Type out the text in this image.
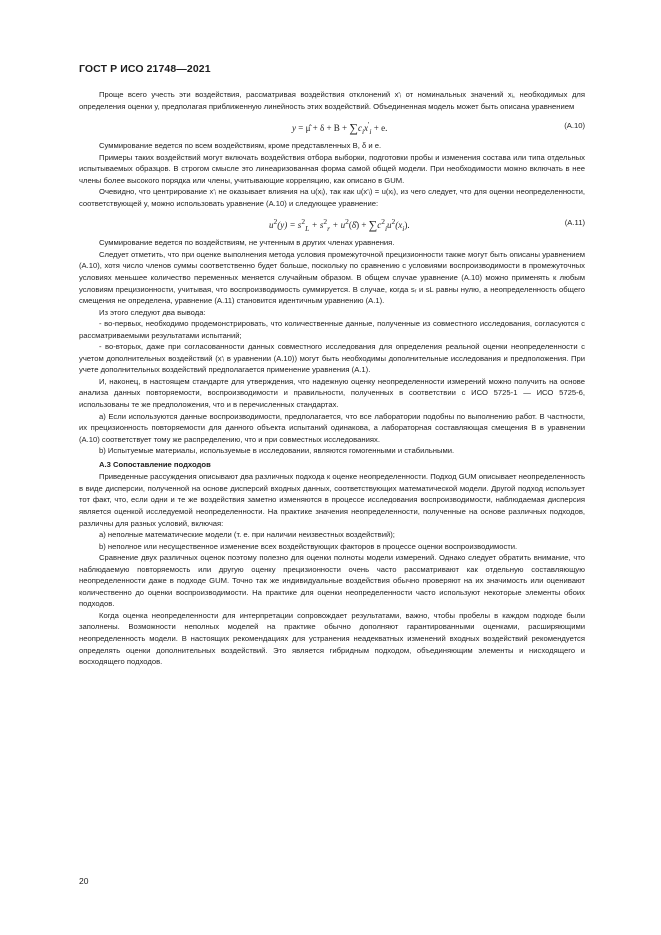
ГОСТ Р ИСО 21748—2021

Проще всего учесть эти воздействия, рассматривая воздействия отклонений x'ᵢ от номинальных значений xᵢ, необходимых для определения оценки y, предполагая приближенную линейность этих воздействий. Объединенная модель может быть описана уравнением

y = μ̂ + $\delta + B + \sum c_ix'_i + e$.	(A.10)

Суммирование ведется по всем воздействиям, кроме представленных B, δ и e.

Примеры таких воздействий могут включать воздействия отбора выборки, подготовки пробы и изменения состава или типа отдельных испытываемых образцов. В строгом смысле это линеаризованная форма самой общей модели. При необходимости можно включать в нее члены более высокого порядка или члены, учитывающие корреляцию, как описано в GUM.

Очевидно, что центрирование x'ᵢ не оказывает влияния на u(xᵢ), так как u(x'ᵢ) = u(xᵢ), из чего следует, что для оценки неопределенности, соответствующей y, можно использовать уравнение (A.10) и следующее уравнение:

$u^2(y) = s^2_L + s^2_r$ + $u^2(\deltâ) + \sum c^2_iu^2(x_i)$.	(A.11)

Суммирование ведется по воздействиям, не учтенным в других членах уравнения.

Следует отметить, что при оценке выполнения метода условия промежуточной прецизионности также могут быть описаны уравнением (A.10), хотя число членов суммы соответственно будет больше, поскольку по сравнению с условиями воспроизводимости в промежуточных условиях меньшее количество переменных меняется случайным образом. В общем случае уравнение (A.10) можно применять к любым условиям прецизионности, учитывая, что воспроизводимость суммируется. В случае, когда sᵣ и sL равны нулю, а неопределенность общего смещения не определена, уравнение (A.11) становится идентичным уравнению (A.1).

Из этого следуют два вывода:

- во-первых, необходимо продемонстрировать, что количественные данные, полученные из совместного исследования, согласуются с рассматриваемыми результатами испытаний;

- во-вторых, даже при согласованности данных совместного исследования для определения реальной оценки неопределенности с учетом дополнительных воздействий (x'ᵢ в уравнении (A.10)) могут быть необходимы дополнительные исследования и предположения. При учете дополнительных воздействий предполагается применение уравнения (A.1).

И, наконец, в настоящем стандарте для утверждения, что надежную оценку неопределенности измерений можно получить на основе анализа данных повторяемости, воспроизводимости и правильности, полученных в соответствии с ИСО 5725-1 — ИСО 5725-6, использованы те же предположения, что и в перечисленных стандартах.

a) Если используются данные воспроизводимости, предполагается, что все лаборатории подобны по выполнению работ. В частности, их прецизионность повторяемости для данного объекта испытаний одинакова, а лабораторная составляющая смещения B в уравнении (A.10) соответствует тому же распределению, что и при совместных исследованиях.

b) Испытуемые материалы, используемые в исследовании, являются гомогенными и стабильными.

A.3 Сопоставление подходов

Приведенные рассуждения описывают два различных подхода к оценке неопределенности. Подход GUM описывает неопределенность в виде дисперсии, полученной на основе дисперсий входных данных, соответствующих математической модели. Другой подход использует тот факт, что, если одни и те же воздействия заметно изменяются в процессе исследования воспроизводимости, наблюдаемая дисперсия является оценкой исследуемой неопределенности. На практике значения неопределенности, полученные на основе различных подходов, различны для разных условий, включая:

a) неполные математические модели (т. е. при наличии неизвестных воздействий);

b) неполное или несущественное изменение всех воздействующих факторов в процессе оценки воспроизводимости.

Сравнение двух различных оценок поэтому полезно для оценки полноты модели измерений. Однако следует обратить внимание, что наблюдаемую повторяемость или другую оценку прецизионности очень часто рассматривают как отдельную составляющую неопределенности даже в подходе GUM. Точно так же индивидуальные воздействия обычно проверяют на их значимость или оценивают количественно до оценки воспроизводимости. На практике для оценки неопределенности часто используют некоторые элементы обоих подходов.

Когда оценка неопределенности для интерпретации сопровождает результатами, важно, чтобы пробелы в каждом подходе были заполнены. Возможности неполных моделей на практике обычно дополняют гарантированными оценками, расширяющими неопределенность модели. В настоящих рекомендациях для устранения неадекватных изменений входных воздействий рекомендуется определять оценки дополнительных воздействий. Это является гибридным подходом, объединяющим элементы и нисходящего и восходящего подходов.

20
